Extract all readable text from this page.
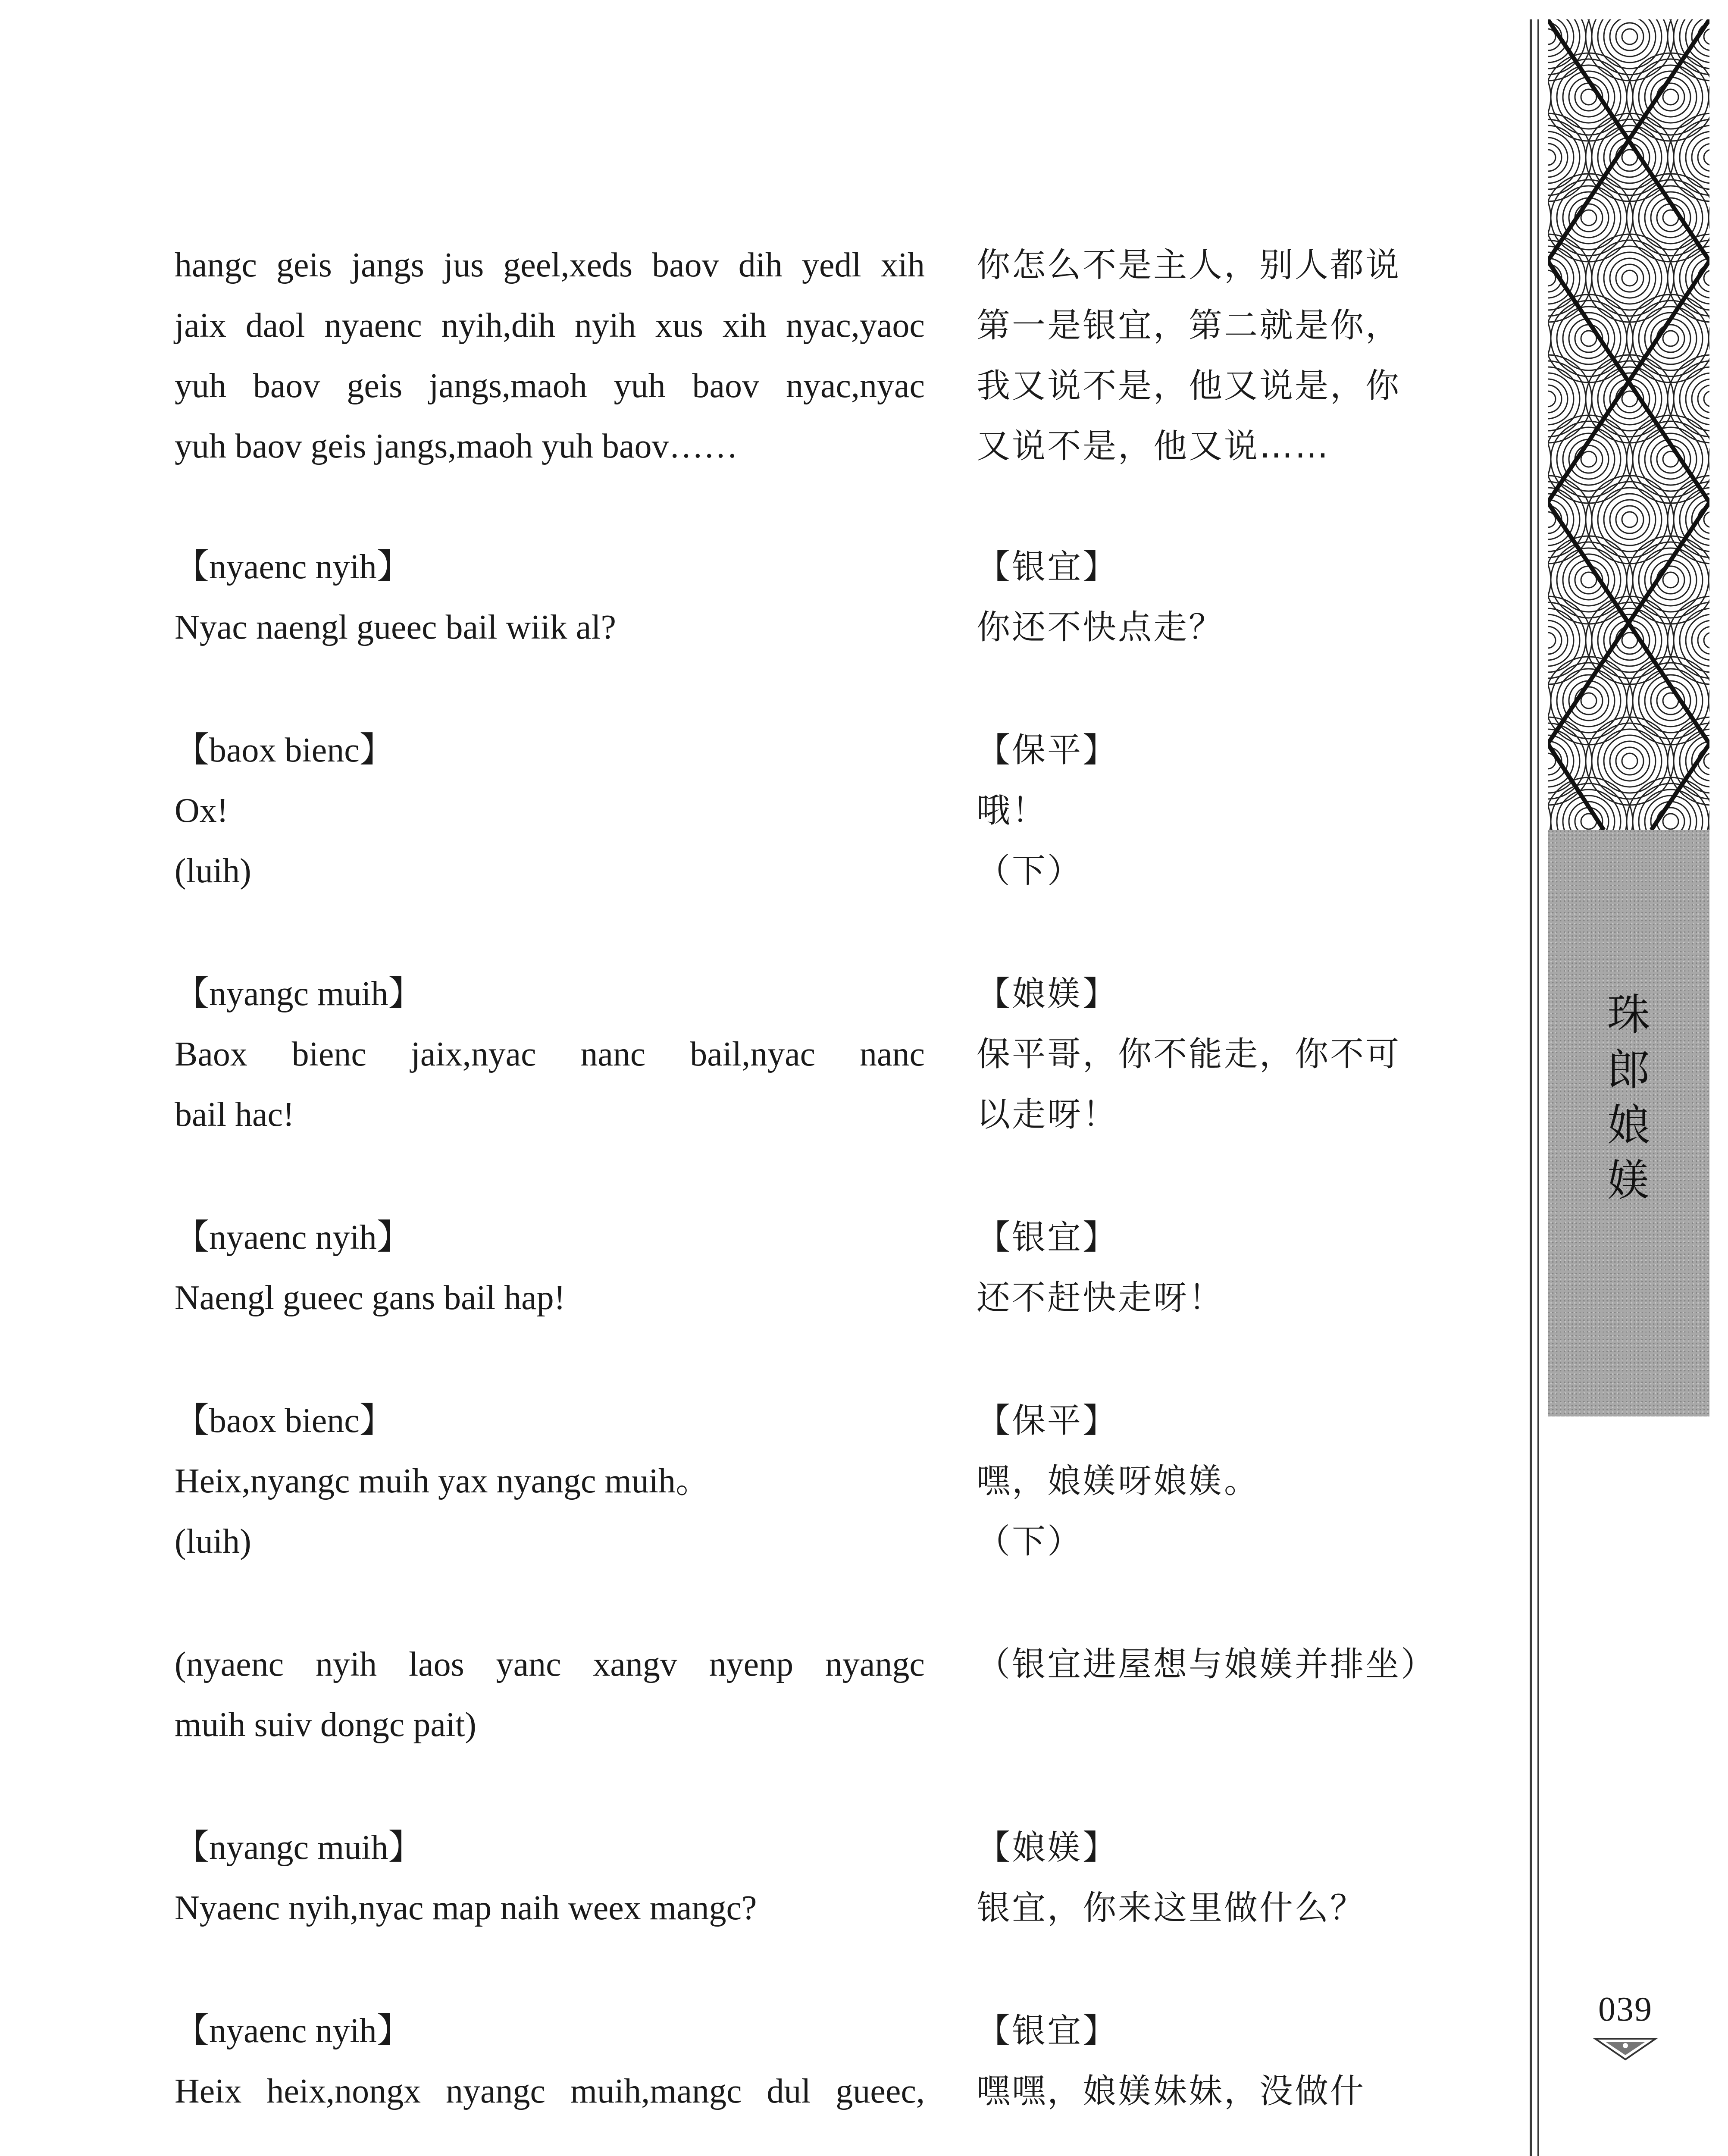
hangc geis jangs jus geel,xeds baov dih yedl xih
jaix daol nyaenc nyih,dih nyih xus xih nyac,yaoc
yuh baov geis jangs,maoh yuh baov nyac,nyac
yuh baov geis jangs,maoh yuh baov……
【nyaenc nyih】
Nyac naengl gueec bail wiik al?
【baox bienc】
Ox!
(luih)
【nyangc muih】
Baox bienc jaix,nyac nanc bail,nyac nanc
bail hac!
【nyaenc nyih】
Naengl gueec gans bail hap!
【baox bienc】
Heix,nyangc muih yax nyangc muih。
(luih)
(nyaenc nyih laos yanc xangv nyenp nyangc
muih suiv dongc pait)
【nyangc muih】
Nyaenc nyih,nyac map naih weex mangc?
【nyaenc nyih】
Heix heix,nongx nyangc muih,mangc dul gueec,
你怎么不是主人，别人都说
第一是银宜，第二就是你，
我又说不是，他又说是，你
又说不是，他又说……
【银宜】
你还不快点走？
【保平】
哦！
（下）
【娘媄】
保平哥，你不能走，你不可
以走呀！
【银宜】
还不赶快走呀！
【保平】
嘿，娘媄呀娘媄。
（下）
（银宜进屋想与娘媄并排坐）
【娘媄】
银宜，你来这里做什么？
【银宜】
嘿嘿，娘媄妹妹，没做什
珠
郎
娘
媄
039
